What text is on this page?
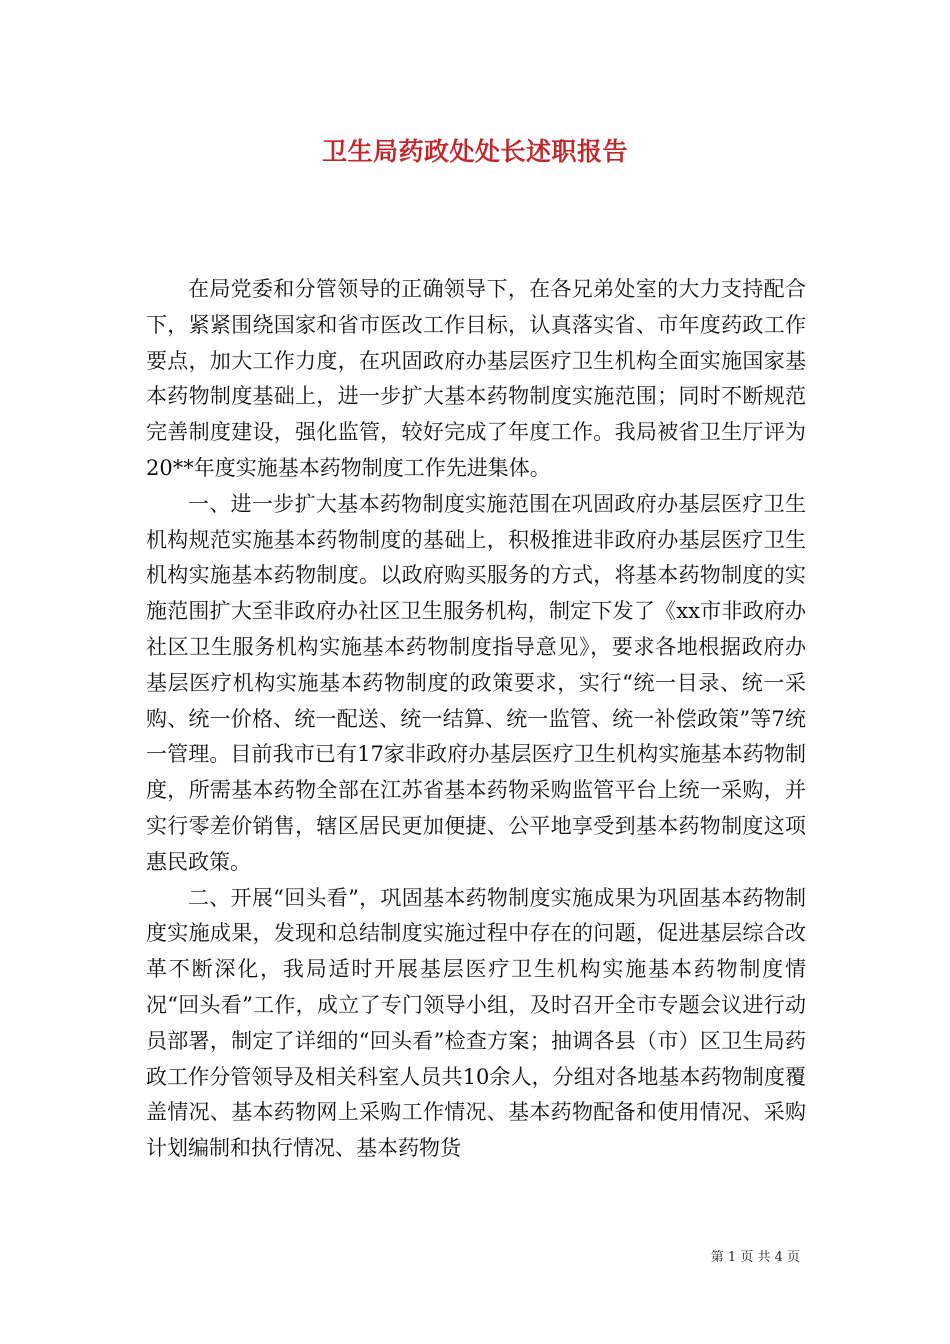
卫生局药政处处长述职报告

在局党委和分管领导的正确领导下，在各兄弟处室的大力支持配合下，紧紧围绕国家和省市医改工作目标，认真落实省、市年度药政工作要点，加大工作力度，在巩固政府办基层医疗卫生机构全面实施国家基本药物制度基础上，进一步扩大基本药物制度实施范围；同时不断规范完善制度建设，强化监管，较好完成了年度工作。我局被省卫生厅评为20**年度实施基本药物制度工作先进集体。

一、进一步扩大基本药物制度实施范围在巩固政府办基层医疗卫生机构规范实施基本药物制度的基础上，积极推进非政府办基层医疗卫生机构实施基本药物制度。以政府购买服务的方式，将基本药物制度的实施范围扩大至非政府办社区卫生服务机构，制定下发了《xx市非政府办社区卫生服务机构实施基本药物制度指导意见》，要求各地根据政府办基层医疗机构实施基本药物制度的政策要求，实行“统一目录、统一采购、统一价格、统一配送、统一结算、统一监管、统一补偿政策”等7统一管理。目前我市已有17家非政府办基层医疗卫生机构实施基本药物制度，所需基本药物全部在江苏省基本药物采购监管平台上统一采购，并实行零差价销售，辖区居民更加便捷、公平地享受到基本药物制度这项惠民政策。

二、开展“回头看”，巩固基本药物制度实施成果为巩固基本药物制度实施成果，发现和总结制度实施过程中存在的问题，促进基层综合改革不断深化，我局适时开展基层医疗卫生机构实施基本药物制度情况“回头看”工作，成立了专门领导小组，及时召开全市专题会议进行动员部署，制定了详细的“回头看”检查方案；抽调各县（市）区卫生局药政工作分管领导及相关科室人员共10余人，分组对各地基本药物制度覆盖情况、基本药物网上采购工作情况、基本药物配备和使用情况、采购计划编制和执行情况、基本药物货

第 1 页 共 4 页
